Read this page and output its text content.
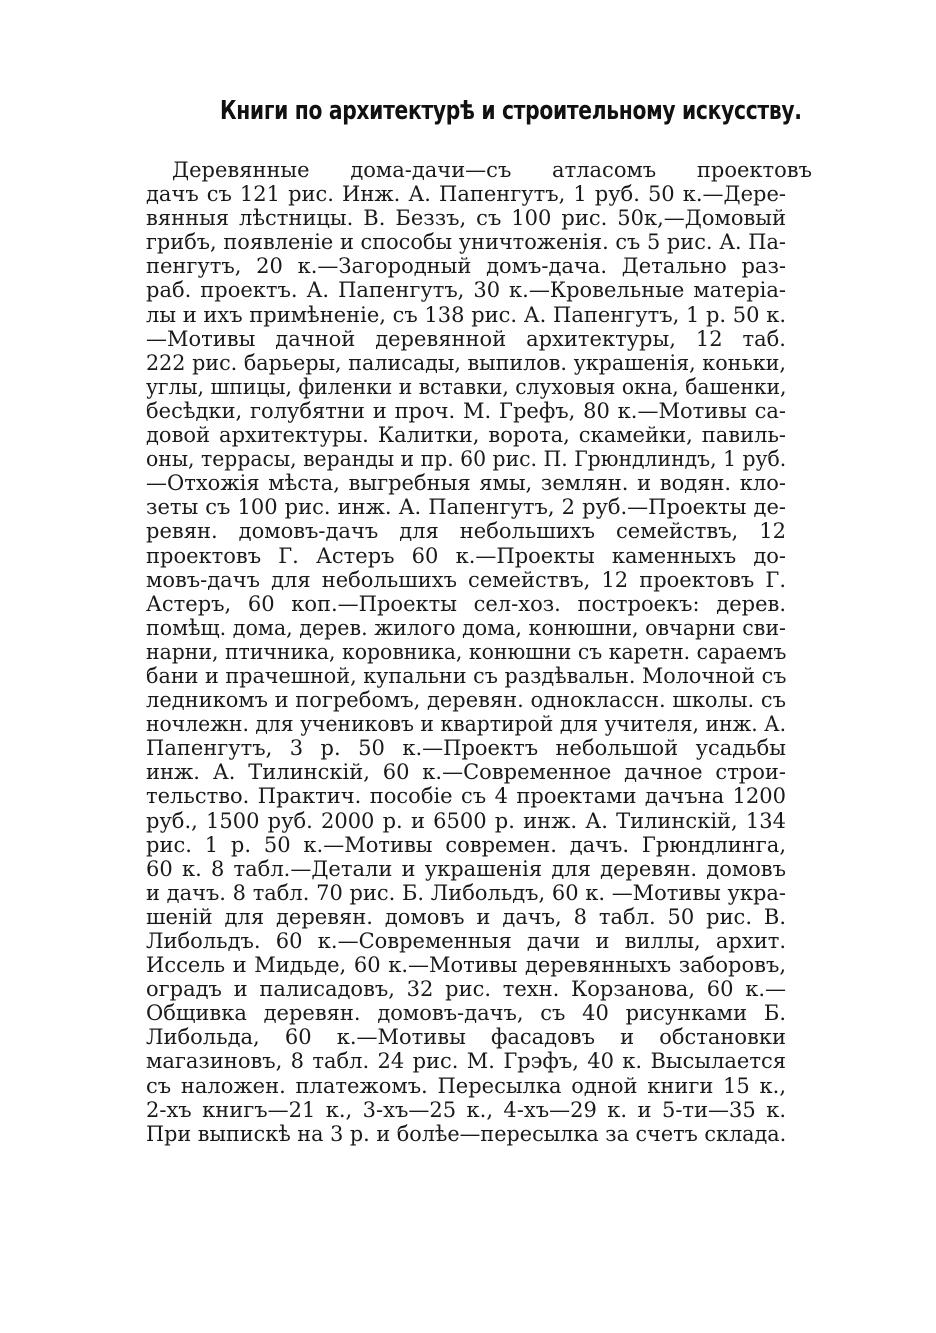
Книги по архитектурѣ и строительному искусству.
Деревянные дома-дачи—съ атласомъ проектовъ
дачъ съ 121 рис. Инж. А. Папенгутъ, 1 руб. 50 к.—Дере-
вянныя лѣстницы. В. Беззъ, съ 100 рис. 50к,—Домовый
грибъ, появленіе и способы уничтоженія. съ 5 рис. А. Па-
пенгутъ, 20 к.—Загородный домъ-дача. Детально раз-
раб. проектъ. А. Папенгутъ, 30 к.—Кровельные матеріа-
лы и ихъ примѣненіе, съ 138 рис. А. Папенгутъ, 1 р. 50 к.
—Мотивы дачной деревянной архитектуры, 12 таб.
222 рис. барьеры, палисады, выпилов. украшенія, коньки,
углы, шпицы, филенки и вставки, слуховыя окна, башенки,
бесѣдки, голубятни и проч. М. Грефъ, 80 к.—Мотивы са-
довой архитектуры. Калитки, ворота, скамейки, павиль-
оны, террасы, веранды и пр. 60 рис. П. Грюндлиндъ, 1 руб.
—Отхожія мѣста, выгребныя ямы, землян. и водян. кло-
зеты съ 100 рис. инж. А. Папенгутъ, 2 руб.—Проекты де-
ревян. домовъ-дачъ для небольшихъ семействъ, 12
проектовъ Г. Астеръ 60 к.—Проекты каменныхъ до-
мовъ-дачъ для небольшихъ семействъ, 12 проектовъ Г.
Астеръ, 60 коп.—Проекты сел-хоз. построекъ: дерев.
помѣщ. дома, дерев. жилого дома, конюшни, овчарни сви-
нарни, птичника, коровника, конюшни съ каретн. сараемъ
бани и прачешной, купальни съ раздѣвальн. Молочной съ
ледникомъ и погребомъ, деревян. одноклассн. школы. съ
ночлежн. для учениковъ и квартирой для учителя, инж. А.
Папенгутъ, 3 р. 50 к.—Проектъ небольшой усадьбы
инж. А. Тилинскій, 60 к.—Современное дачное строи-
тельство. Практич. пособіе съ 4 проектами дачъна 1200
руб., 1500 руб. 2000 р. и 6500 р. инж. А. Тилинскій, 134
рис. 1 р. 50 к.—Мотивы современ. дачъ. Грюндлинга,
60 к. 8 табл.—Детали и украшенія для деревян. домовъ
и дачъ. 8 табл. 70 рис. Б. Либольдъ, 60 к. —Мотивы укра-
шеній для деревян. домовъ и дачъ, 8 табл. 50 рис. В.
Либольдъ. 60 к.—Современныя дачи и виллы, архит.
Иссель и Мидьде, 60 к.—Мотивы деревянныхъ заборовъ,
оградъ и палисадовъ, 32 рис. техн. Корзанова, 60 к.—
Общивка деревян. домовъ-дачъ, съ 40 рисунками Б.
Либольда, 60 к.—Мотивы фасадовъ и обстановки
магазиновъ, 8 табл. 24 рис. М. Грэфъ, 40 к. Высылается
съ наложен. платежомъ. Пересылка одной книги 15 к.,
2-хъ книгъ—21 к., 3-хъ—25 к., 4-хъ—29 к. и 5-ти—35 к.
При выпискѣ на 3 р. и болѣе—пересылка за счетъ склада.
